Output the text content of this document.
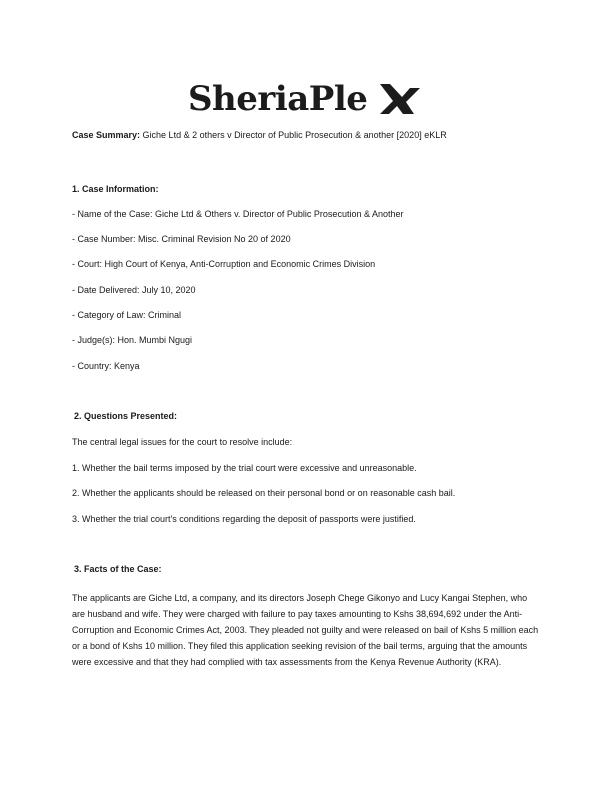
SheriaPle
Case Summary: Giche Ltd & 2 others v Director of Public Prosecution & another [2020] eKLR
1. Case Information:
- Name of the Case: Giche Ltd & Others v. Director of Public Prosecution & Another
- Case Number: Misc. Criminal Revision No 20 of 2020
- Court: High Court of Kenya, Anti-Corruption and Economic Crimes Division
- Date Delivered: July 10, 2020
- Category of Law: Criminal
- Judge(s): Hon. Mumbi Ngugi
- Country: Kenya
2. Questions Presented:
The central legal issues for the court to resolve include:
1. Whether the bail terms imposed by the trial court were excessive and unreasonable.
2. Whether the applicants should be released on their personal bond or on reasonable cash bail.
3. Whether the trial court's conditions regarding the deposit of passports were justified.
3. Facts of the Case:
The applicants are Giche Ltd, a company, and its directors Joseph Chege Gikonyo and Lucy Kangai Stephen, who are husband and wife. They were charged with failure to pay taxes amounting to Kshs 38,694,692 under the Anti-Corruption and Economic Crimes Act, 2003. They pleaded not guilty and were released on bail of Kshs 5 million each or a bond of Kshs 10 million. They filed this application seeking revision of the bail terms, arguing that the amounts were excessive and that they had complied with tax assessments from the Kenya Revenue Authority (KRA).
